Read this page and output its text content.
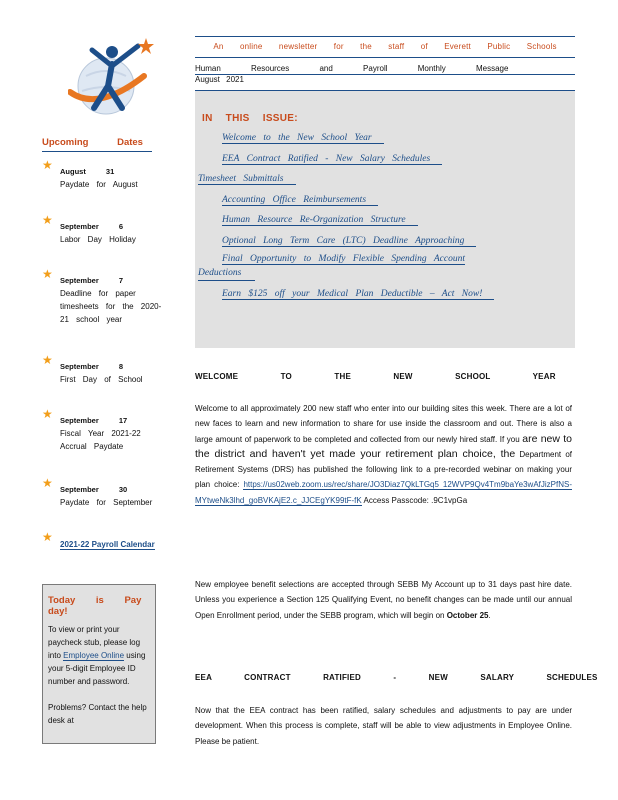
An online newsletter for the staff of Everett Public Schools
Human Resources and Payroll Monthly Message
August 2021
IN THIS ISSUE:
Welcome to the New School Year
EEA Contract Ratified - New Salary Schedules
Timesheet Submittals
Accounting Office Reimbursements
Human Resource Re-Organization Structure
Optional Long Term Care (LTC) Deadline Approaching
Final Opportunity to Modify Flexible Spending Account
Deductions
Earn $125 off your Medical Plan Deductible – Act Now!
Upcoming Dates
★ August 31
Paydate for August
★ September 6
Labor Day Holiday
★ September 7
Deadline for paper timesheets for the 2020-21 school year
★ September 8
First Day of School
★ September 17
Fiscal Year 2021-22 Accrual Paydate
★ September 30
Paydate for September
★
2021-22 Payroll Calendar
Today is Pay day!
To view or print your paycheck stub, please log into Employee Online using your 5-digit Employee ID number and password.

Problems? Contact the help desk at
WELCOME TO THE NEW SCHOOL YEAR
Welcome to all approximately 200 new staff who enter into our building sites this week. There are a lot of new faces to learn and new information to share for use inside the classroom and out. There is also a large amount of paperwork to be completed and collected from our newly hired staff. If you are new to the district and haven't yet made your retirement plan choice, the Department of Retirement Systems (DRS) has published the following link to a pre-recorded webinar on making your plan choice: https://us02web.zoom.us/rec/share/JO3Diaz7QkLTGq5 12WVP9Qv4Tm9baYe3wAfJizPfNS-MYtweNk3lhd_goBVKAjE2.c_JJCEgYK99tF-fK Access Passcode: .9C1vpGa
New employee benefit selections are accepted through SEBB My Account up to 31 days past hire date. Unless you experience a Section 125 Qualifying Event, no benefit changes can be made until our annual Open Enrollment period, under the SEBB program, which will begin on October 25.
EEA CONTRACT RATIFIED - NEW SALARY SCHEDULES
Now that the EEA contract has been ratified, salary schedules and adjustments to pay are under development. When this process is complete, staff will be able to view adjustments in Employee Online. Please be patient.
